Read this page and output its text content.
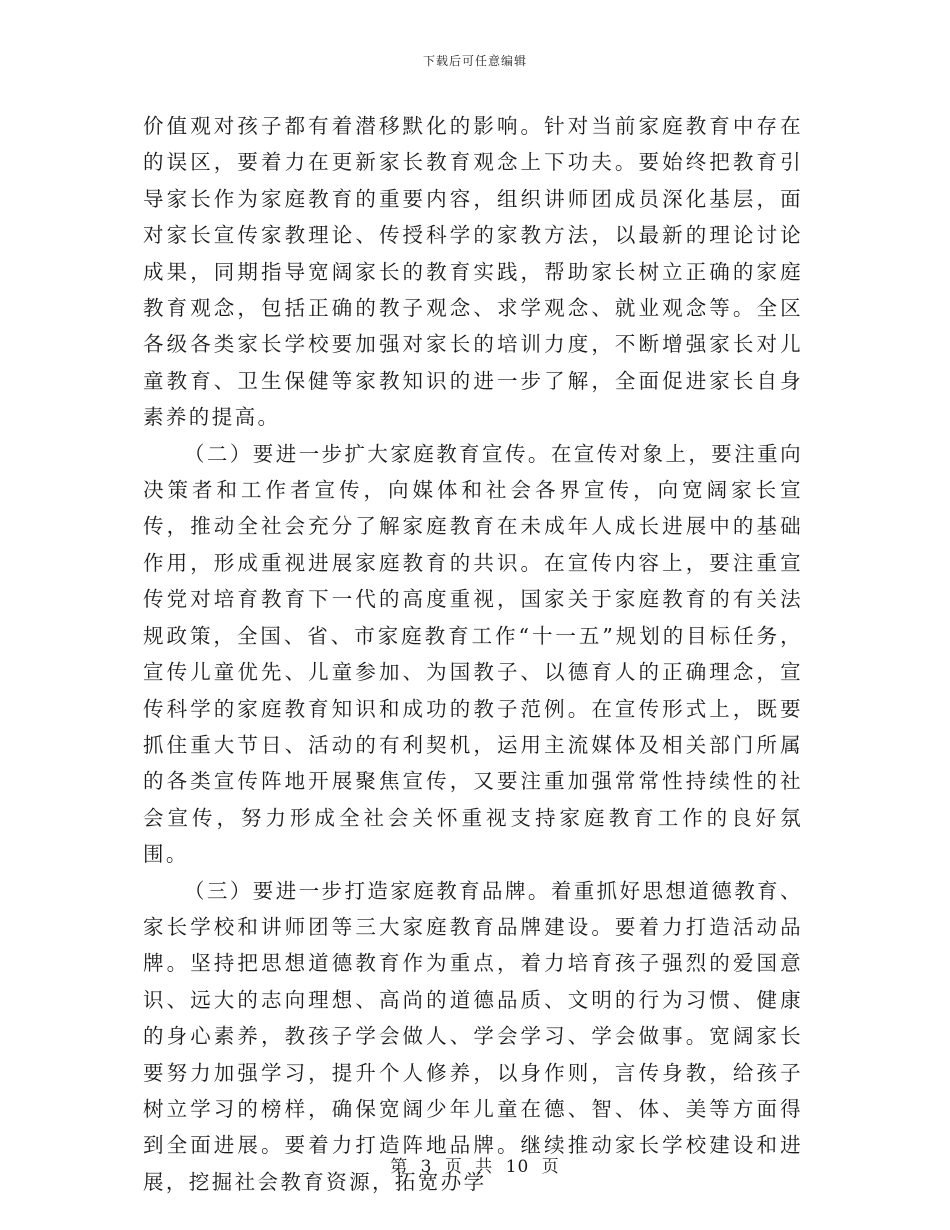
下载后可任意编辑

价值观对孩子都有着潜移默化的影响。针对当前家庭教育中存在的误区，要着力在更新家长教育观念上下功夫。要始终把教育引导家长作为家庭教育的重要内容，组织讲师团成员深化基层，面对家长宣传家教理论、传授科学的家教方法，以最新的理论讨论成果，同期指导宽阔家长的教育实践，帮助家长树立正确的家庭教育观念，包括正确的教子观念、求学观念、就业观念等。全区各级各类家长学校要加强对家长的培训力度，不断增强家长对儿童教育、卫生保健等家教知识的进一步了解，全面促进家长自身素养的提高。

（二）要进一步扩大家庭教育宣传。在宣传对象上，要注重向决策者和工作者宣传，向媒体和社会各界宣传，向宽阔家长宣传，推动全社会充分了解家庭教育在未成年人成长进展中的基础作用，形成重视进展家庭教育的共识。在宣传内容上，要注重宣传党对培育教育下一代的高度重视，国家关于家庭教育的有关法规政策，全国、省、市家庭教育工作“十一五”规划的目标任务，宣传儿童优先、儿童参加、为国教子、以德育人的正确理念，宣传科学的家庭教育知识和成功的教子范例。在宣传形式上，既要抓住重大节日、活动的有利契机，运用主流媒体及相关部门所属的各类宣传阵地开展聚焦宣传，又要注重加强常常性持续性的社会宣传，努力形成全社会关怀重视支持家庭教育工作的良好氛围。

（三）要进一步打造家庭教育品牌。着重抓好思想道德教育、家长学校和讲师团等三大家庭教育品牌建设。要着力打造活动品牌。坚持把思想道德教育作为重点，着力培育孩子强烈的爱国意识、远大的志向理想、高尚的道德品质、文明的行为习惯、健康的身心素养，教孩子学会做人、学会学习、学会做事。宽阔家长要努力加强学习，提升个人修养，以身作则，言传身教，给孩子树立学习的榜样，确保宽阔少年儿童在德、智、体、美等方面得到全面进展。要着力打造阵地品牌。继续推动家长学校建设和进展，挖掘社会教育资源，拓宽办学

第 3 页 共 10 页
